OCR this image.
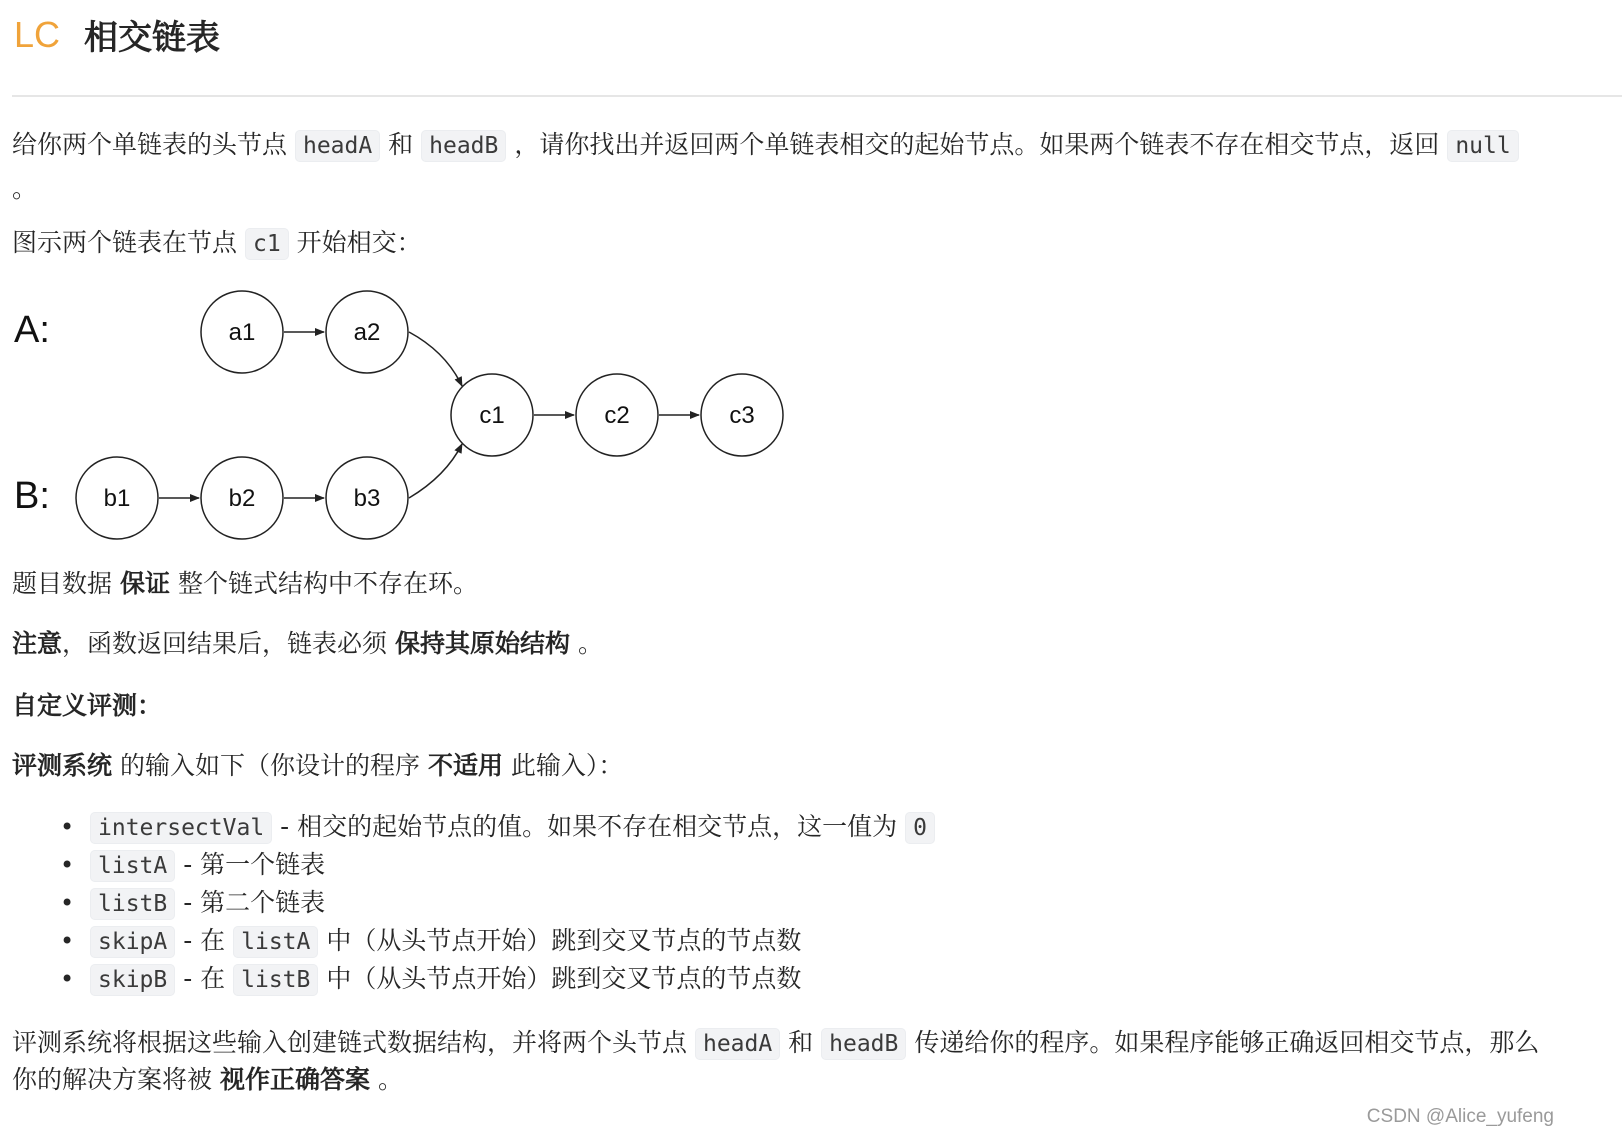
LC 相交链表
给你两个单链表的头节点 headA 和 headB ，请你找出并返回两个单链表相交的起始节点。如果两个链表不存在相交节点，返回 null
。
图示两个链表在节点 c1 开始相交：
A:
B:
a1	a2
c1	c2	c3
b1	b2	b3
题目数据 保证 整个链式结构中不存在环。
注意，函数返回结果后，链表必须 保持其原始结构 。
自定义评测：
评测系统 的输入如下（你设计的程序 不适用 此输入）：
• intersectVal - 相交的起始节点的值。如果不存在相交节点，这一值为 0
• listA - 第一个链表
• listB - 第二个链表
• skipA - 在 listA 中（从头节点开始）跳到交叉节点的节点数
• skipB - 在 listB 中（从头节点开始）跳到交叉节点的节点数
评测系统将根据这些输入创建链式数据结构，并将两个头节点 headA 和 headB 传递给你的程序。如果程序能够正确返回相交节点，那么
你的解决方案将被 视作正确答案 。
CSDN @Alice_yufeng
